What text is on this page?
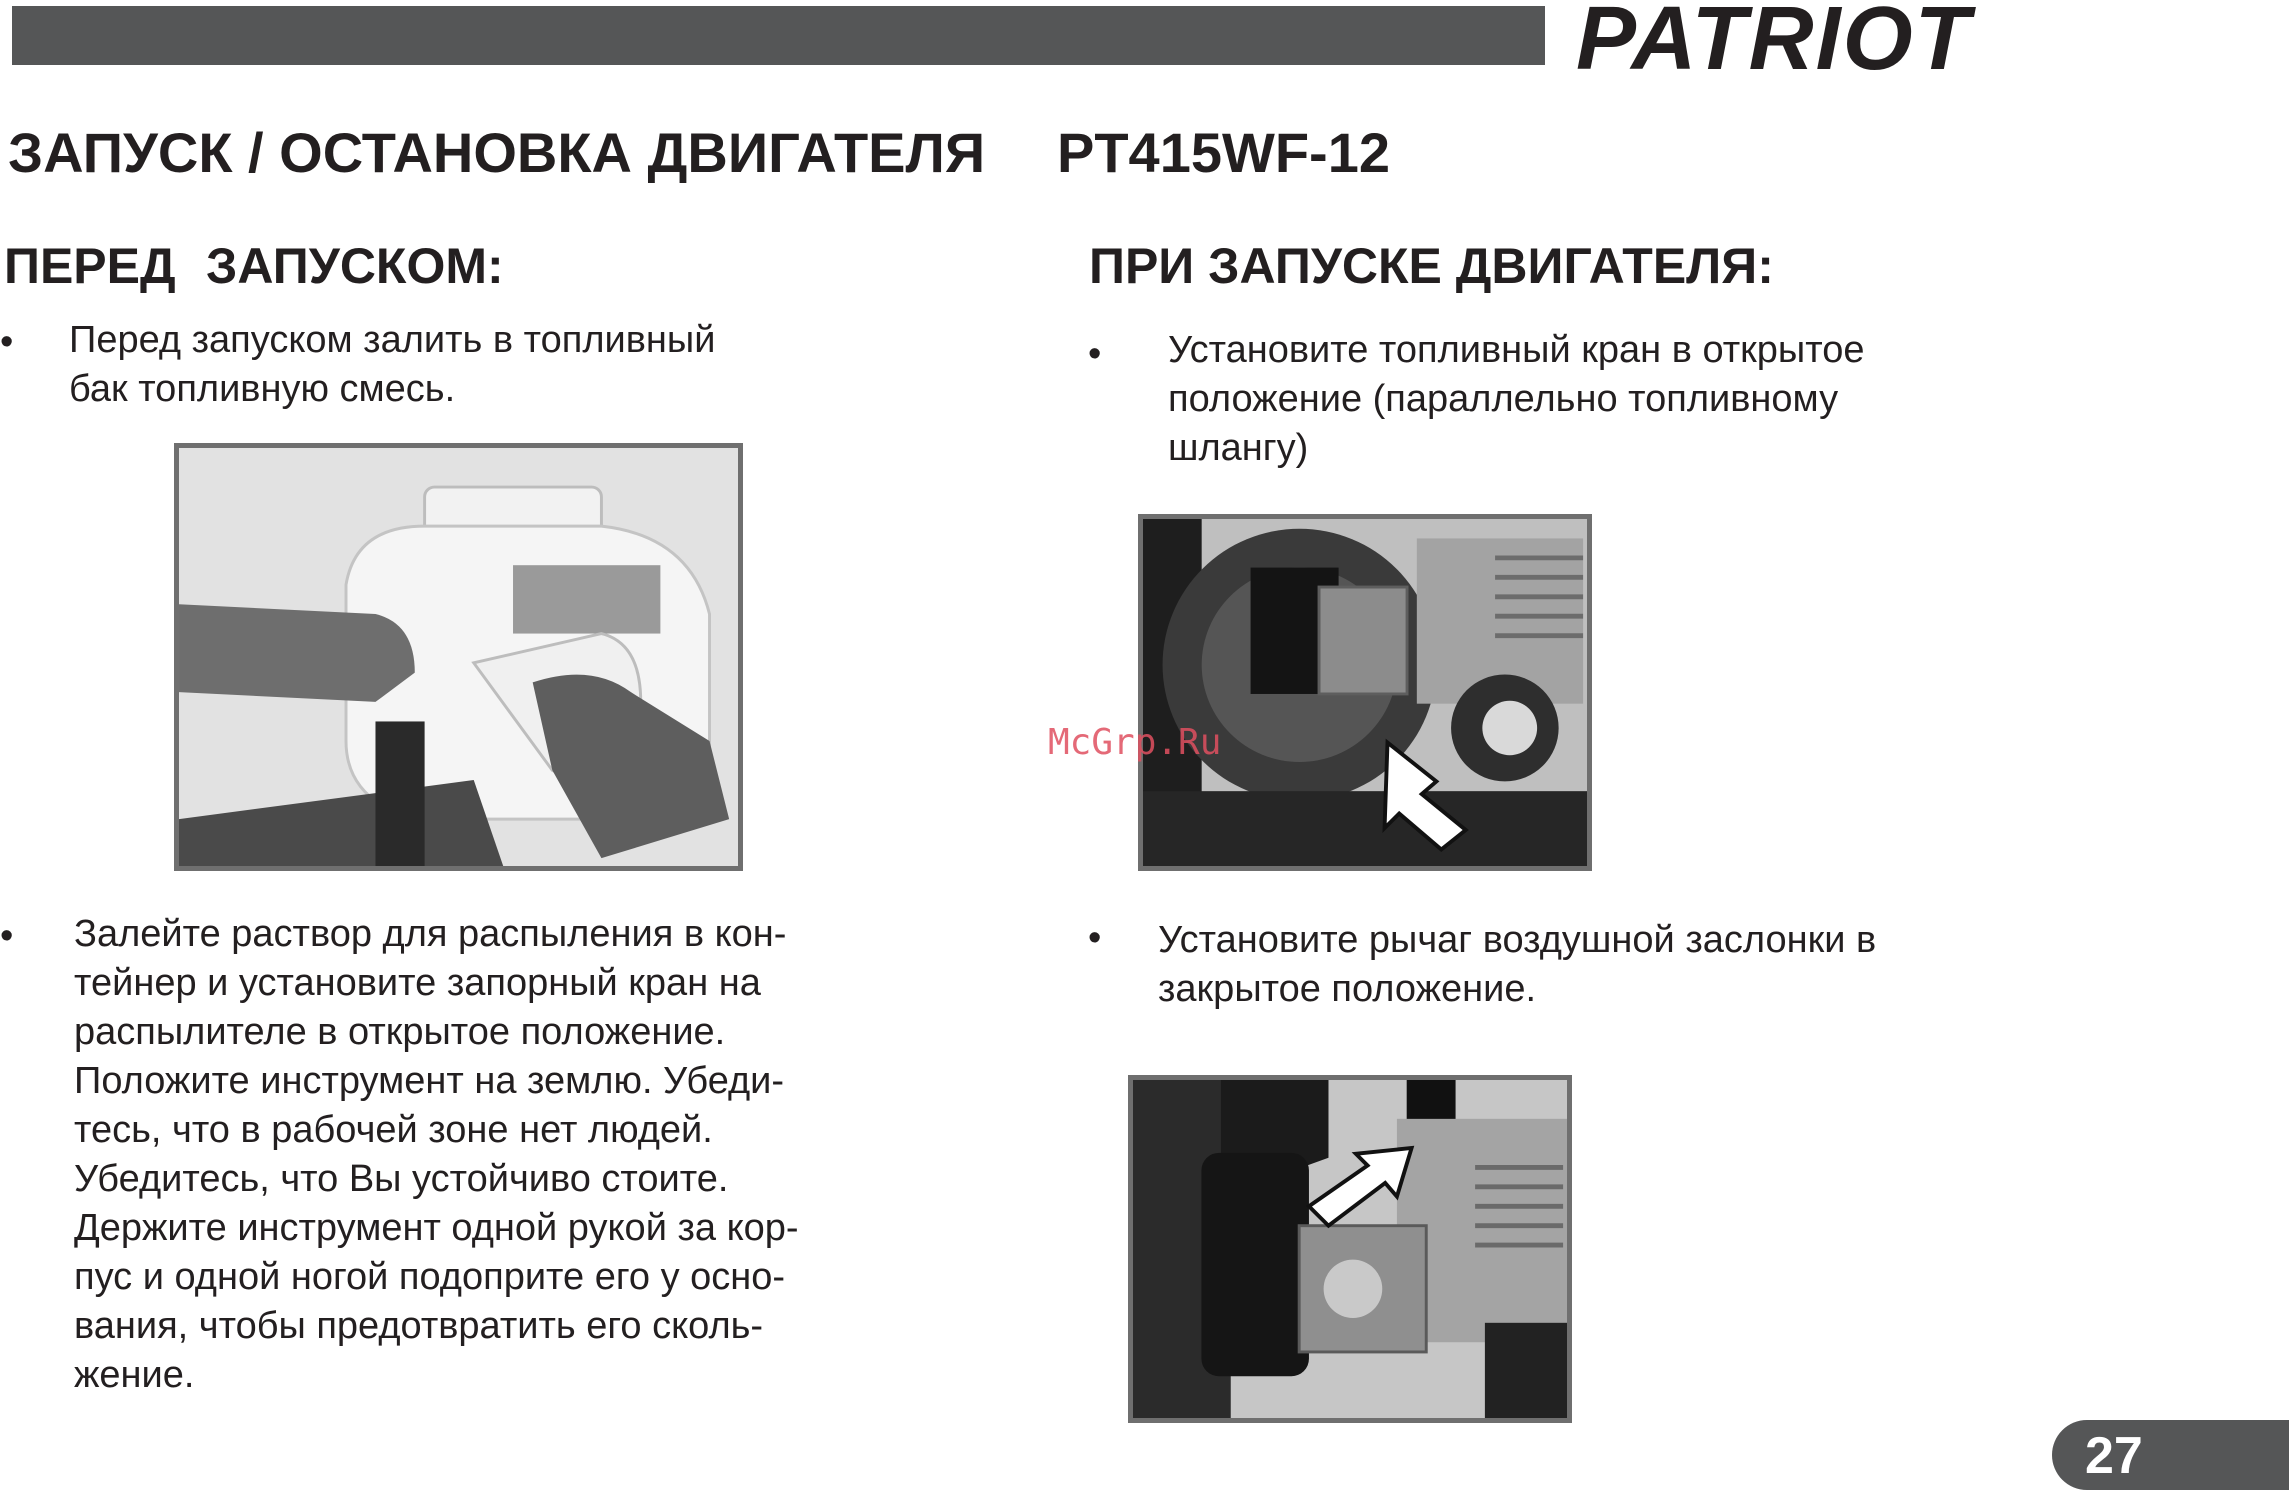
PATRIOT
ЗАПУСК / ОСТАНОВКА ДВИГАТЕЛЯ PT415WF-12
ПЕРЕД ЗАПУСКОМ:
• Перед запуском залить в топливный
бак топливную смесь.
• Залейте раствор для распыления в кон-
тейнер и установите запорный кран на
распылителе в открытое положение.
Положите инструмент на землю. Убеди-
тесь, что в рабочей зоне нет людей.
Убедитесь, что Вы устойчиво стоите.
Держите инструмент одной рукой за кор-
пус и одной ногой подоприте его у осно-
вания, чтобы предотвратить его сколь-
жение.
ПРИ ЗАПУСКЕ ДВИГАТЕЛЯ:
• Установите топливный кран в открытое
положение (параллельно топливному
шлангу)
McGrp.Ru
• Установите рычаг воздушной заслонки в
закрытое положение.
27
